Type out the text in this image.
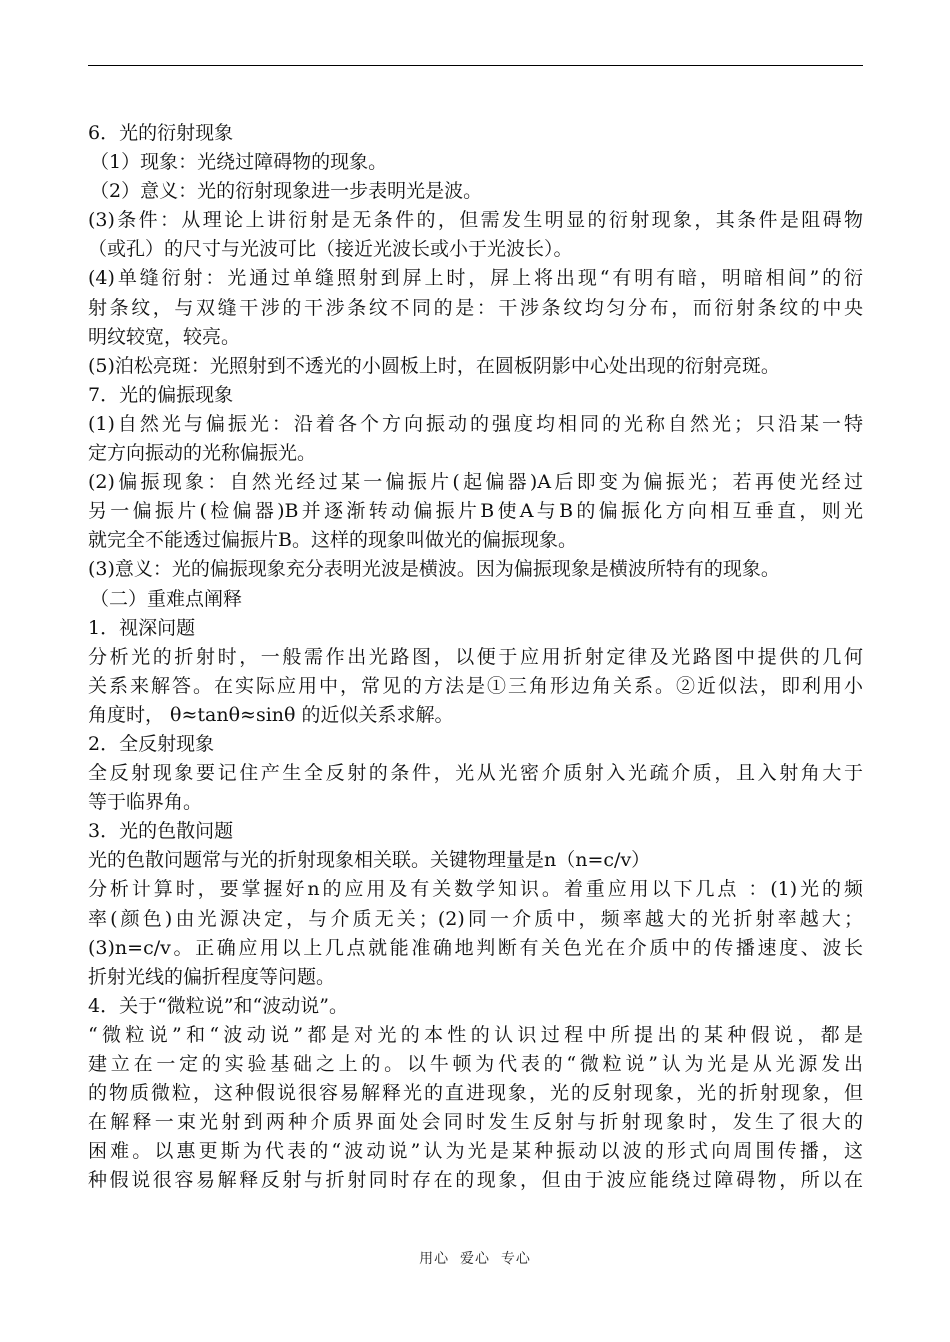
6．光的衍射现象
（1）现象：光绕过障碍物的现象。
（2）意义：光的衍射现象进一步表明光是波。
(3)条件：从理论上讲衍射是无条件的，但需发生明显的衍射现象，其条件是阻碍物
（或孔）的尺寸与光波可比（接近光波长或小于光波长）。
(4)单缝衍射：光通过单缝照射到屏上时，屏上将出现“有明有暗，明暗相间”的衍
射条纹，与双缝干涉的干涉条纹不同的是：干涉条纹均匀分布，而衍射条纹的中央
明纹较宽，较亮。
(5)泊松亮斑：光照射到不透光的小圆板上时，在圆板阴影中心处出现的衍射亮斑。
7．光的偏振现象
(1)自然光与偏振光：沿着各个方向振动的强度均相同的光称自然光；只沿某一特
定方向振动的光称偏振光。
(2)偏振现象：自然光经过某一偏振片(起偏器)A后即变为偏振光；若再使光经过
另一偏振片(检偏器)B并逐渐转动偏振片B使A与B的偏振化方向相互垂直，则光
就完全不能透过偏振片B。这样的现象叫做光的偏振现象。
(3)意义：光的偏振现象充分表明光波是横波。因为偏振现象是横波所特有的现象。
（二）重难点阐释
1．视深问题
分析光的折射时，一般需作出光路图，以便于应用折射定律及光路图中提供的几何
关系来解答。在实际应用中，常见的方法是①三角形边角关系。②近似法，即利用小
角度时， θ≈tanθ≈sinθ 的近似关系求解。
2．全反射现象
全反射现象要记住产生全反射的条件，光从光密介质射入光疏介质，且入射角大于
等于临界角。
3．光的色散问题
光的色散问题常与光的折射现象相关联。关键物理量是n（n=c/v）
分析计算时，要掌握好n的应用及有关数学知识。着重应用以下几点 ：(1)光的频
率(颜色)由光源决定，与介质无关；(2)同一介质中，频率越大的光折射率越大；
(3)n=c/v。正确应用以上几点就能准确地判断有关色光在介质中的传播速度、波长
折射光线的偏折程度等问题。
4．关于“微粒说”和“波动说”。
“微粒说”和“波动说”都是对光的本性的认识过程中所提出的某种假说，都是
建立在一定的实验基础之上的。以牛顿为代表的“微粒说”认为光是从光源发出
的物质微粒，这种假说很容易解释光的直进现象，光的反射现象，光的折射现象，但
在解释一束光射到两种介质界面处会同时发生反射与折射现象时，发生了很大的
困难。以惠更斯为代表的“波动说”认为光是某种振动以波的形式向周围传播，这
种假说很容易解释反射与折射同时存在的现象，但由于波应能绕过障碍物，所以在
用心  爱心  专心
